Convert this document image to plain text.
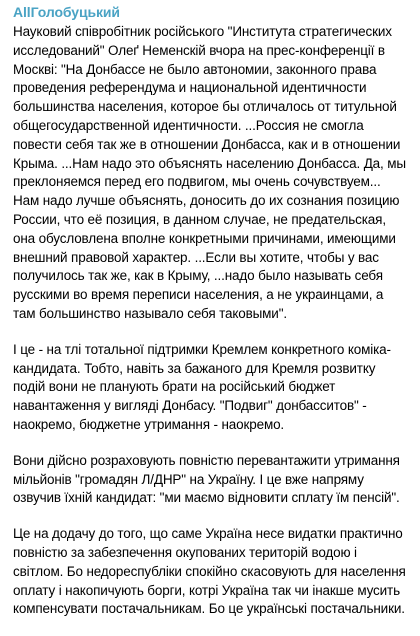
AllГолобуцький

Науковий співробітник російського "Института стратегических исследований" Олеґ Неменскій вчора на прес-конференції в Москві: "На Донбассе не было автономии, законного права проведения референдума и национальной идентичности большинства населения, которое бы отличалось от титульной общегосударственной идентичности. ...Россия не смогла повести себя так же в отношении Донбасса, как и в отношении Крыма. ...Нам надо это объяснять населению Донбасса. Да, мы преклоняемся перед его подвигом, мы очень сочувствуем... Нам надо лучше объяснять, доносить до их сознания позицию России, что её позиция, в данном случае, не предательская, она обусловлена вполне конкретными причинами, имеющими внешний правовой характер. ...Если вы хотите, чтобы у вас получилось так же, как в Крыму, ...надо было называть себя русскими во время переписи населения, а не украинцами, а там большинство называло себя таковыми".

І це - на тлі тотальної підтримки Кремлем конкретного коміка-кандидата. Тобто, навіть за бажаного для Кремля розвитку подій вони не планують брати на російський бюджет навантаження у вигляді Донбасу. "Подвиг" донбасситов" - наокремо, бюджетне утримання - наокремо.

Вони дійсно розраховують повністю перевантажити утримання мільйонів "громадян Л/ДНР" на Україну. І це вже напряму озвучив їхній кандидат: "ми маємо відновити сплату їм пенсій".

Це на додачу до того, що саме Україна несе видатки практично повністю за забезпечення окупованих територій водою і світлом. Бо недореспубліки спокійно скасовують для населення оплату і накопичують борги, котрі Україна так чи інакше мусить компенсувати постачальникам. Бо це українські постачальники.
